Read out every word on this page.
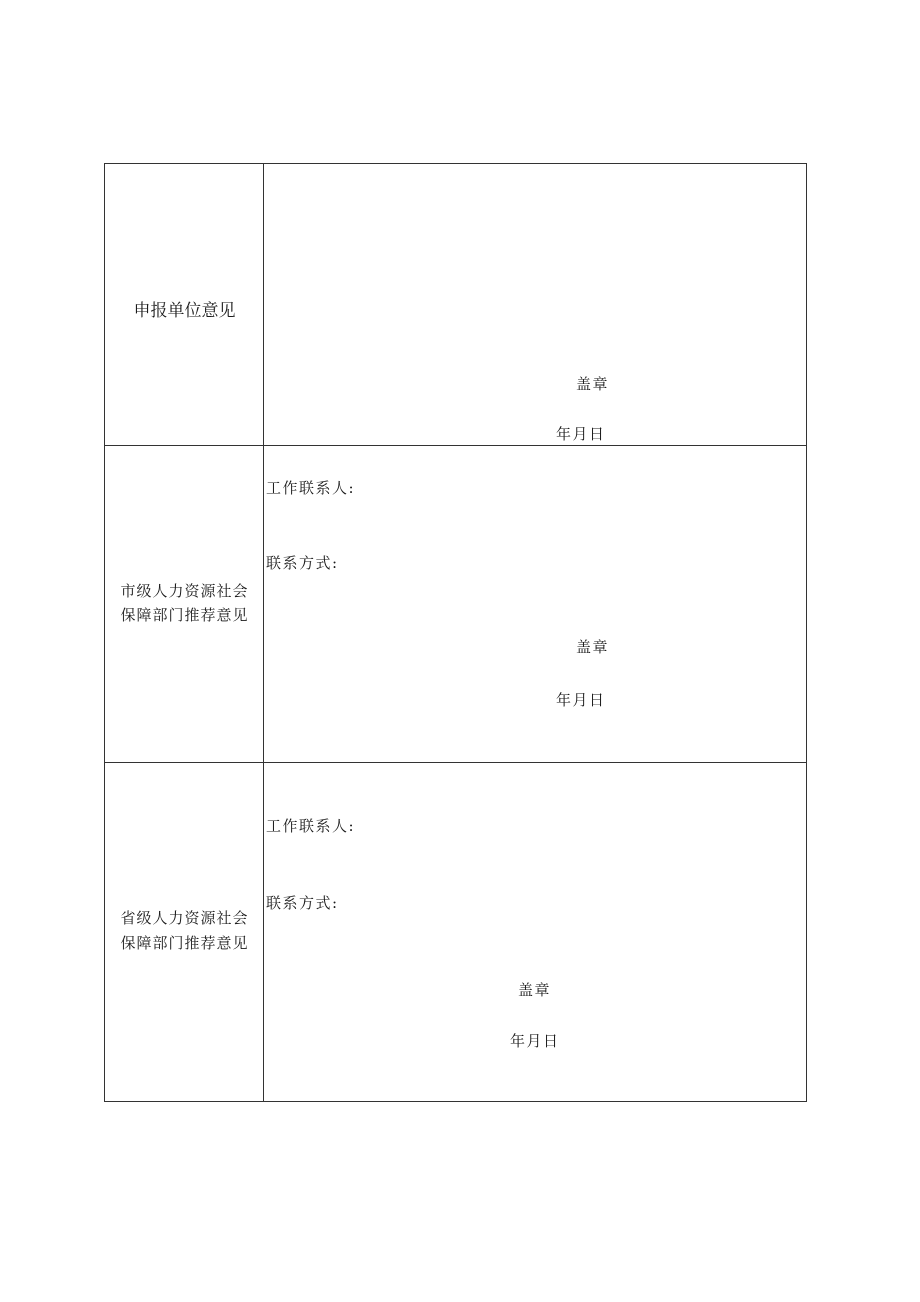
申报单位意见
盖章
年月日
市级人力资源社会
保障部门推荐意见
工作联系人:
联系方式:
盖章
年月日
省级人力资源社会
保障部门推荐意见
工作联系人:
联系方式:
盖章
年月日
